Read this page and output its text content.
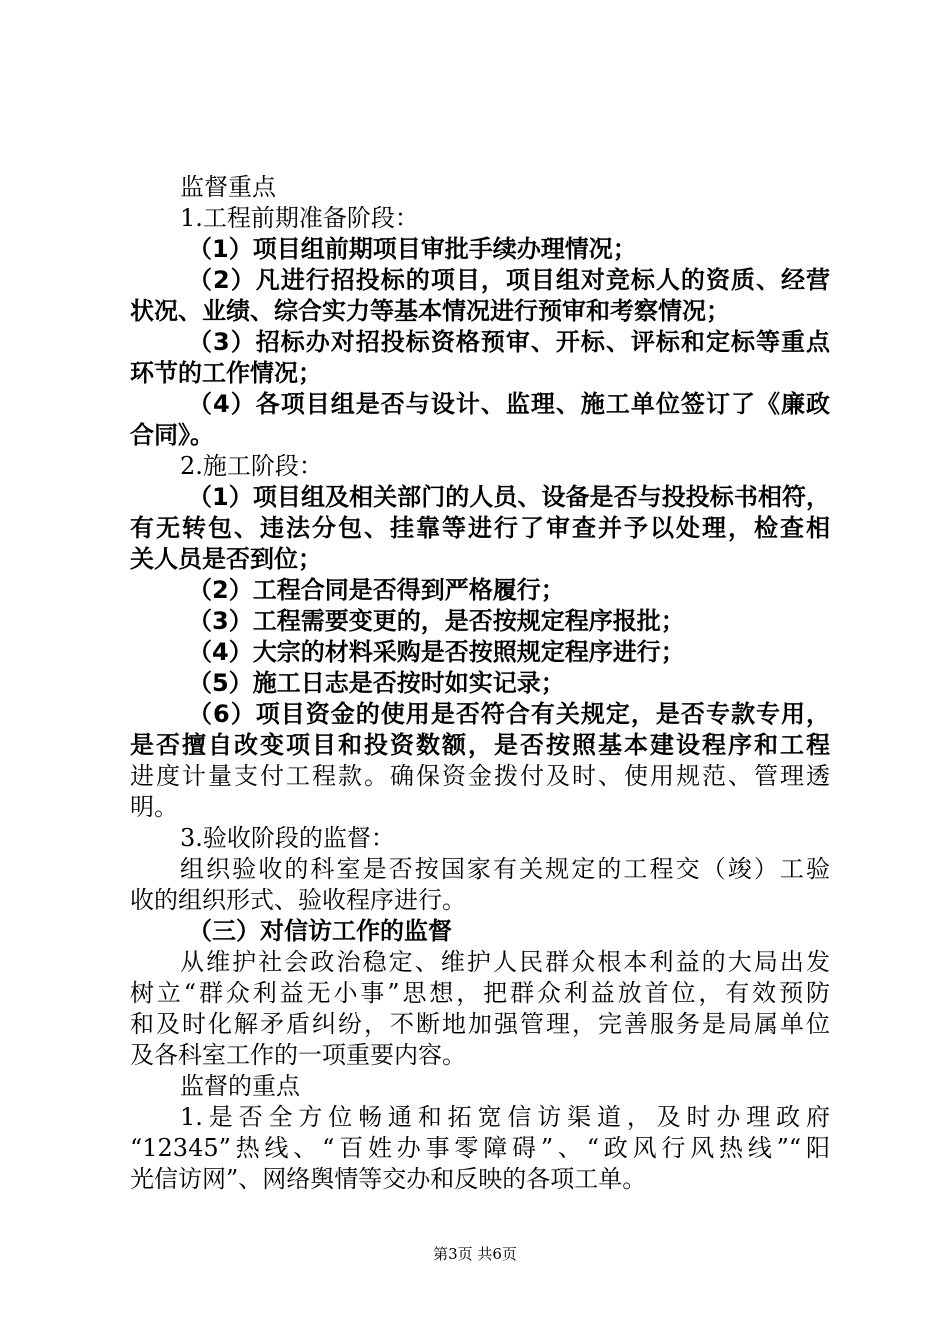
监督重点
1.工程前期准备阶段：
（1）项目组前期项目审批手续办理情况；
（2）凡进行招投标的项目，项目组对竞标人的资质、经营
状况、业绩、综合实力等基本情况进行预审和考察情况；
（3）招标办对招投标资格预审、开标、评标和定标等重点
环节的工作情况；
（4）各项目组是否与设计、监理、施工单位签订了《廉政
合同》。
2.施工阶段：
（1）项目组及相关部门的人员、设备是否与投投标书相符，
有无转包、违法分包、挂靠等进行了审查并予以处理，检查相
关人员是否到位；
（2）工程合同是否得到严格履行；
（3）工程需要变更的，是否按规定程序报批；
（4）大宗的材料采购是否按照规定程序进行；
（5）施工日志是否按时如实记录；
（6）项目资金的使用是否符合有关规定，是否专款专用，
是否擅自改变项目和投资数额，是否按照基本建设程序和工程
进度计量支付工程款。确保资金拨付及时、使用规范、管理透
明。
3.验收阶段的监督：
组织验收的科室是否按国家有关规定的工程交（竣）工验
收的组织形式、验收程序进行。
（三）对信访工作的监督
从维护社会政治稳定、维护人民群众根本利益的大局出发
树立“群众利益无小事”思想，把群众利益放首位，有效预防
和及时化解矛盾纠纷，不断地加强管理，完善服务是局属单位
及各科室工作的一项重要内容。
监督的重点
1.是否全方位畅通和拓宽信访渠道，及时办理政府
“12345”热线、“百姓办事零障碍”、“政风行风热线”“阳
光信访网”、网络舆情等交办和反映的各项工单。
第3页 共6页
